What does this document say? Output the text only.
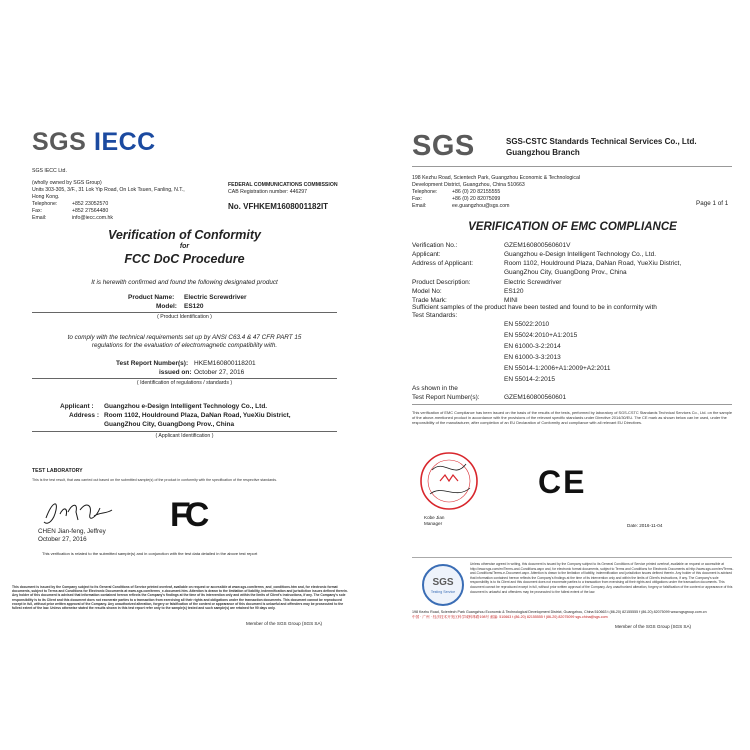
SGS IECC
SGS IECC Ltd.
(wholly owned by SGS Group)
Units 303-305, 3/F., 31 Lok Yip Road, On Lok Tsuen, Fanling, N.T.,
Hong Kong.
Telephone:	+852 23052570
Fax:	+852 27564480
Email:	info@iecc.com.hk
FEDERAL COMMUNICATIONS COMMISSION
CAB Registration number: 446297
No. VFHKEM1608001182IT
Verification of Conformity
for
FCC DoC Procedure
It is herewith confirmed and found the following designated product
Product Name: Electric Screwdriver
Model: ES120
( Product Identification )
to comply with the technical requirements set up by ANSI C63.4 & 47 CFR PART 15
regulations for the evaluation of electromagnetic compatibility with.
Test Report Number(s): HKEM160800118201
issued on: October 27, 2016
( Identification of regulations / standards )
Applicant : Guangzhou e-Design Intelligent Technology Co., Ltd.
Address : Room 1102, Houldround Plaza, DaNan Road, YueXiu District,
GuangZhou City, GuangDong Prov., China
( Applicant Identification )
TEST LABORATORY
This is the test result, that was carried out based on the submitted sample(s) of the product in conformity with the specification of the respective standards.
CHEN Jian-feng, Jeffrey
October 27, 2016
FC
This verification is related to the submitted sample(s) and in conjunction with the test data detailed in the above test report
This document is issued by the Company subject to its General Conditions of Service printed overleaf, available on request or accessible at www.sgs.com/terms_and_conditions.htm and, for electronic format documents, subject to Terms and Conditions for Electronic Documents at www.sgs.com/terms_e-document.htm. Attention is drawn to the limitation of liability, indemnification and jurisdiction issues defined therein. Any holder of this document is advised that information contained hereon reflects the Company's findings at the time of its intervention only and within the limits of Client's instructions, if any. The Company's sole responsibility is to its Client and this document does not exonerate parties to a transaction from exercising all their rights and obligations under the transaction documents. This document cannot be reproduced except in full, without prior written approval of the Company. Any unauthorized alteration, forgery or falsification of the content or appearance of this document is unlawful and offenders may be prosecuted to the fullest extent of the law. Unless otherwise stated the results shown in this test report refer only to the sample(s) tested and such sample(s) are retained for 90 days only.
Member of the SGS Group (SGS SA)
SGS	SGS-CSTC Standards Technical Services Co., Ltd.
Guangzhou Branch
198 Kezhu Road, Scientech Park, Guangzhou Economic & Technological
Development District, Guangzhou, China 510663
Telephone:	+86 (0) 20 82155555
Fax:	+86 (0) 20 82075099
Email:	ee.guangzhou@sgs.com	Page 1 of 1
VERIFICATION OF EMC COMPLIANCE
Verification No.:	GZEM160800560601V
Applicant:	Guangzhou e-Design Intelligent Technology Co., Ltd.
Address of Applicant:	Room 1102, Houldround Plaza, DaNan Road, YueXiu District,
GuangZhou City, GuangDong Prov., China
Product Description:	Electric Screwdriver
Model No:	ES120
Trade Mark:	MINI
Sufficient samples of the product have been tested and found to be in conformity with
Test Standards:
EN 55022:2010
EN 55024:2010+A1:2015
EN 61000-3-2:2014
EN 61000-3-3:2013
EN 55014-1:2006+A1:2009+A2:2011
EN 55014-2:2015
As shown in the
Test Report Number(s):	GZEM160800560601
This verification of EMC Compliance has been issued on the basis of the results of the tests, performed by laboratory of SGS-CSTC Standards Technical Services Co., Ltd. on the sample of the above-mentioned product in accordance with the provisions of the relevant specific standards under Directive 2014/30/EU. The CE mark as shown below can be used, under the responsibility of the manufacturer, after completion of an EU Declaration of Conformity and compliance with all relevant EU Directives.
Kobe Jian
Manager
CE
Date: 2016-11-04
SGS
Testing Service
Unless otherwise agreed in writing, this document is issued by the Company subject to its General Conditions of Service printed overleaf, available on request or accessible at http://www.sgs.com/en/Terms-and-Conditions.aspx and, for electronic format documents, subject to Terms and Conditions for Electronic Documents at http://www.sgs.com/en/Terms-and-Conditions/Terms-e-Document.aspx. Attention is drawn to the limitation of liability, indemnification and jurisdiction issues defined therein. Any holder of this document is advised that information contained hereon reflects the Company's findings at the time of its intervention only and within the limits of Client's instructions, if any. The Company's sole responsibility is to its Client and this document does not exonerate parties to a transaction from exercising all their rights and obligations under the transaction documents. This document cannot be reproduced except in full, without prior written approval of the Company. Any unauthorized alteration, forgery or falsification of the content or appearance of this document is unlawful and offenders may be prosecuted to the fullest extent of the law.
198 Kezhu Road, Scientech Park Guangzhou Economic & Technological Development District, Guangzhou, China 510663 t (86-20) 82155555 f (86-20) 82075099 www.sgsgroup.com.cn
中国 · 广州 · 经济技术开发区科学城科珠路198号 邮编: 510663 t (86-20) 82155555 f (86-20) 82075099 sgs.china@sgs.com
Member of the SGS Group (SGS SA)
